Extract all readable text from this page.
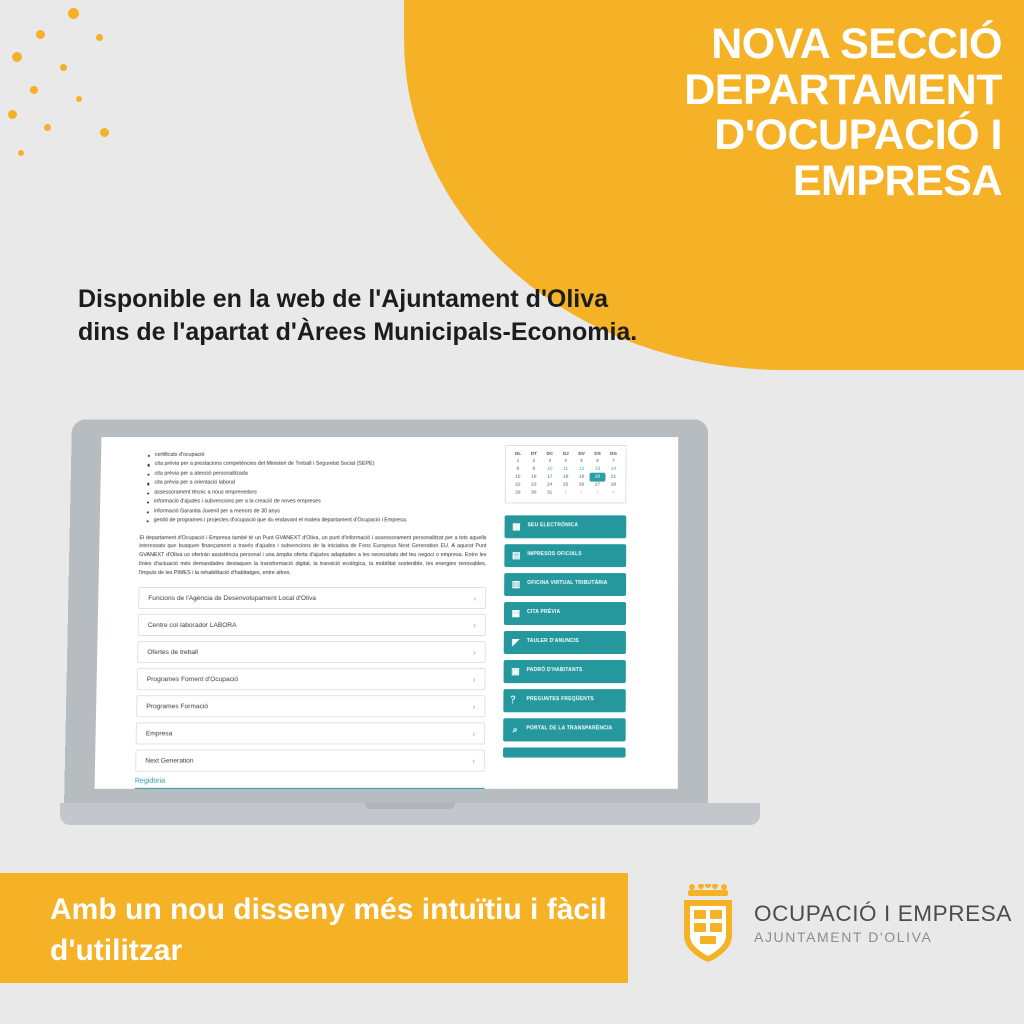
NOVA SECCIÓ
DEPARTAMENT
D'OCUPACIÓ I
EMPRESA
Disponible en la web de l'Ajuntament d'Oliva dins de l'apartat d'Àrees Municipals-Economia.
certificats d'ocupació
cita prèvia per a prestacions competències del Ministeri de Treball i Seguretat Social (SEPE)
cita prèvia per a atenció personalitzada
cita prèvia per a orientació laboral
assessorament tècnic a nous emprenedors
informació d'ajudes i subvencions per a la creació de noves empreses
informació Garantia Juvenil per a menors de 30 anys
gestió de programes i projectes d'ocupació que du endavant el mateix departament d'Ocupació i Empresa.
El departament d'Ocupació i Empresa també té un Punt GVANEXT d'Oliva, un punt d'informació i assessorament personalitzat per a tots aquells interessats que busquen finançament a través d'ajudes i subvencions de la iniciativa de Fons Europeus Next Generation EU. A aquest Punt GVANEXT d'Oliva us oferirán assistència personal i una àmplia oferta d'ajudes adaptades a les necessitats del teu negoci o empresa. Entre les línies d'actuació més demandades destaquen la transformació digital, la transició ecològica, la mobilitat sostenible, les energies renovables, l'impuls de les PIMES i la rehabilitació d'habitatges, entre altres.
Funcions de l'Agència de Desenvolupament Local d'Oliva	›
Centre col·laborador LABORA	›
Ofertes de treball	›
Programes Foment d'Ocupació	›
Programes Formació	›
Empresa	›
Next Generation	›
Regidoria
DL	DT	DC	DJ	DV	DS	DG
1	2	3	4	5	6	7
8	9	10	11	12	13	14
15	16	17	18	19	20	21
22	23	24	25	26	27	28
29	30	31	1	2	3	4
▦	SEU ELECTRÒNICA
▤	IMPRESOS OFICIALS
▥	OFICINA VIRTUAL TRIBUTÀRIA
▦	CITA PRÈVIA
◤	TAULER D'ANUNCIS
▣	PADRÓ D'HABITANTS
？ PREGUNTES FREQÜENTS
⌕	PORTAL DE LA TRANSPARÈNCIA
Amb un nou disseny més intuïtiu i fàcil d'utilitzar
OCUPACIÓ I EMPRESA
AJUNTAMENT D'OLIVA
